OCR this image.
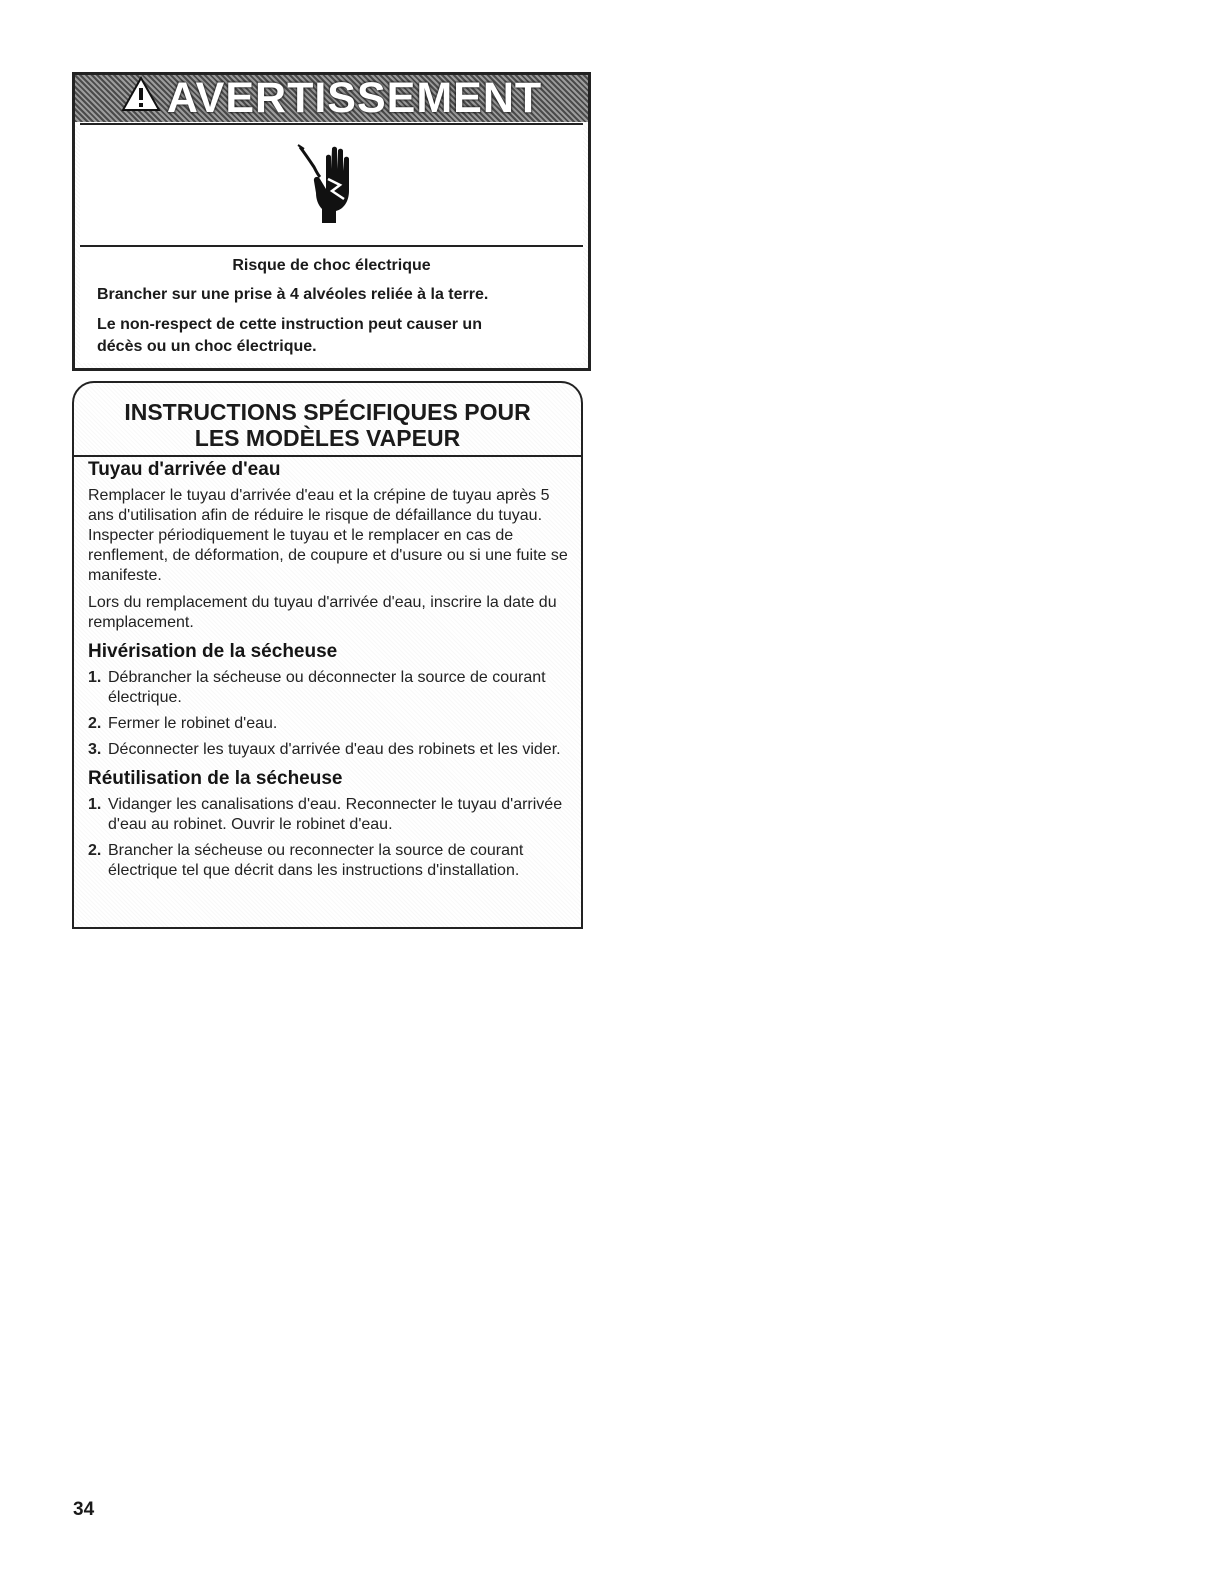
AVERTISSEMENT
Risque de choc électrique
Brancher sur une prise à 4 alvéoles reliée à la terre.
Le non-respect de cette instruction peut causer un décès ou un choc électrique.
INSTRUCTIONS SPÉCIFIQUES POUR
LES MODÈLES VAPEUR
Tuyau d'arrivée d'eau

Remplacer le tuyau d'arrivée d'eau et la crépine de tuyau après 5 ans d'utilisation afin de réduire le risque de défaillance du tuyau. Inspecter périodiquement le tuyau et le remplacer en cas de renflement, de déformation, de coupure et d'usure ou si une fuite se manifeste.

Lors du remplacement du tuyau d'arrivée d'eau, inscrire la date du remplacement.

Hivérisation de la sécheuse
1. Débrancher la sécheuse ou déconnecter la source de courant électrique.
2. Fermer le robinet d'eau.
3. Déconnecter les tuyaux d'arrivée d'eau des robinets et les vider.
Réutilisation de la sécheuse
1. Vidanger les canalisations d'eau. Reconnecter le tuyau d'arrivée d'eau au robinet. Ouvrir le robinet d'eau.
2. Brancher la sécheuse ou reconnecter la source de courant électrique tel que décrit dans les instructions d'installation.
34
